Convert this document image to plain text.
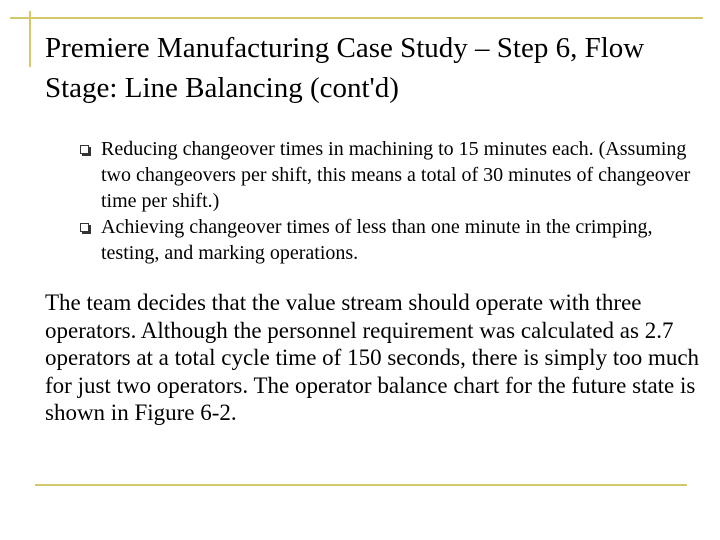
Premiere Manufacturing Case Study – Step 6, Flow Stage: Line Balancing (cont'd)
Reducing changeover times in machining to 15 minutes each. (Assuming two changeovers per shift, this means a total of 30 minutes of changeover time per shift.)
Achieving changeover times of less than one minute in the crimping, testing, and marking operations.

The team decides that the value stream should operate with three operators. Although the personnel requirement was calculated as 2.7 operators at a total cycle time of 150 seconds, there is simply too much for just two operators. The operator balance chart for the future state is shown in Figure 6-2.
